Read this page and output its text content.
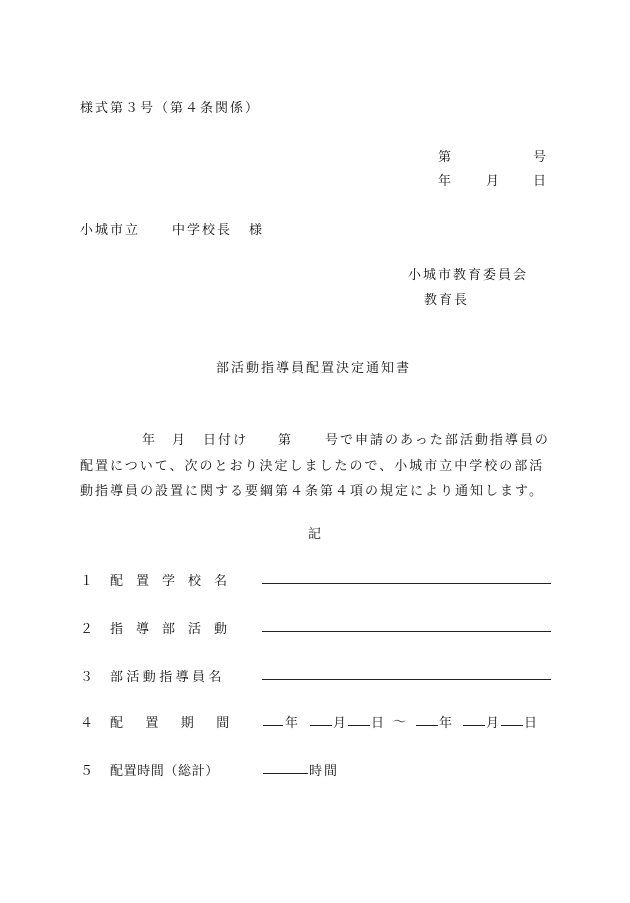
様式第３号（第４条関係）
第	号
年	月	日
小城市立 中学校長 様
小城市教育委員会
教育長
部活動指導員配置決定通知書
年 月 日付け 第	号で申請のあった部活動指導員の
配置について、次のとおり決定しましたので、小城市立中学校の部活
動指導員の設置に関する要綱第４条第４項の規定により通知します。
記
１ 配　置　学　校　名
２ 指　導　部　活　動
３ 部活動指導員名
４ 配　　置　　期　　間	年	月 日 ～	年	月 日
５ 配置時間（総計）	時間
